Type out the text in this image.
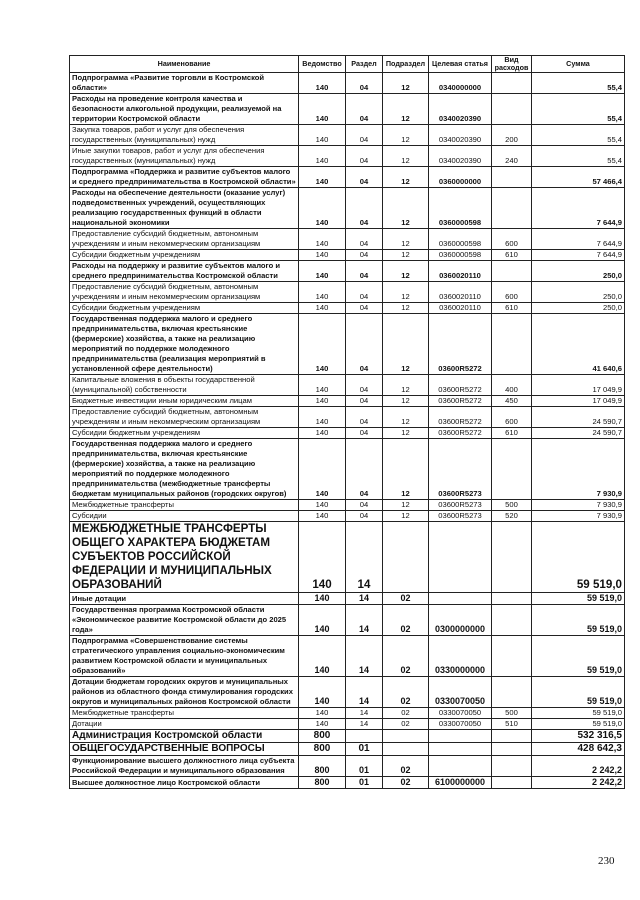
Наименование	Ведомство	Раздел	Подраздел	Целевая статья	Вид расходов	Сумма
Подпрограмма «Развитие торговли в Костромской области»	140	04	12	0340000000		55,4
Расходы на проведение контроля качества и безопасности алкогольной продукции, реализуемой на территории Костромской области	140	04	12	0340020390		55,4
Закупка товаров, работ и услуг для обеспечения государственных (муниципальных) нужд	140	04	12	0340020390	200	55,4
Иные закупки товаров, работ и услуг для обеспечения государственных (муниципальных) нужд	140	04	12	0340020390	240	55,4
Подпрограмма «Поддержка и развитие субъектов малого и среднего предпринимательства в Костромской области»	140	04	12	0360000000		57 466,4
Расходы на обеспечение деятельности (оказание услуг) подведомственных учреждений, осуществляющих реализацию государственных функций в области национальной экономики	140	04	12	0360000598		7 644,9
Предоставление субсидий бюджетным, автономным учреждениям и иным некоммерческим организациям	140	04	12	0360000598	600	7 644,9
Субсидии бюджетным учреждениям	140	04	12	0360000598	610	7 644,9
Расходы на поддержку и развитие субъектов малого и среднего предпринимательства Костромской области	140	04	12	0360020110		250,0
Предоставление субсидий бюджетным, автономным учреждениям и иным некоммерческим организациям	140	04	12	0360020110	600	250,0
Субсидии бюджетным учреждениям	140	04	12	0360020110	610	250,0
Государственная поддержка малого и среднего предпринимательства, включая крестьянские (фермерские) хозяйства, а также на реализацию мероприятий по поддержке молодежного предпринимательства (реализация мероприятий в установленной сфере деятельности)	140	04	12	03600R5272		41 640,6
Капитальные вложения в объекты государственной (муниципальной) собственности	140	04	12	03600R5272	400	17 049,9
Бюджетные инвестиции иным юридическим лицам	140	04	12	03600R5272	450	17 049,9
Предоставление субсидий бюджетным, автономным учреждениям и иным некоммерческим организациям	140	04	12	03600R5272	600	24 590,7
Субсидии бюджетным учреждениям	140	04	12	03600R5272	610	24 590,7
Государственная поддержка малого и среднего предпринимательства, включая крестьянские (фермерские) хозяйства, а также на реализацию мероприятий по поддержке молодежного предпринимательства (межбюджетные трансферты бюджетам муниципальных районов (городских округов)	140	04	12	03600R5273		7 930,9
Межбюджетные трансферты	140	04	12	03600R5273	500	7 930,9
Субсидии	140	04	12	03600R5273	520	7 930,9
МЕЖБЮДЖЕТНЫЕ ТРАНСФЕРТЫ ОБЩЕГО ХАРАКТЕРА БЮДЖЕТАМ СУБЪЕКТОВ РОССИЙСКОЙ ФЕДЕРАЦИИ И МУНИЦИПАЛЬНЫХ ОБРАЗОВАНИЙ	140	14				59 519,0
Иные дотации	140	14	02			59 519,0
Государственная программа Костромской области «Экономическое развитие Костромской области до 2025 года»	140	14	02	0300000000		59 519,0
Подпрограмма «Совершенствование системы стратегического управления социально-экономическим развитием Костромской области и муниципальных образований»	140	14	02	0330000000		59 519,0
Дотации бюджетам городских округов и муниципальных районов из областного фонда стимулирования городских округов и муниципальных районов Костромской области	140	14	02	0330070050		59 519,0
Межбюджетные трансферты	140	14	02	0330070050	500	59 519,0
Дотации	140	14	02	0330070050	510	59 519,0
Администрация Костромской области	800					532 316,5
ОБЩЕГОСУДАРСТВЕННЫЕ ВОПРОСЫ	800	01				428 642,3
Функционирование высшего должностного лица субъекта Российской Федерации и муниципального образования	800	01	02			2 242,2
Высшее должностное лицо Костромской области	800	01	02	6100000000		2 242,2
230
